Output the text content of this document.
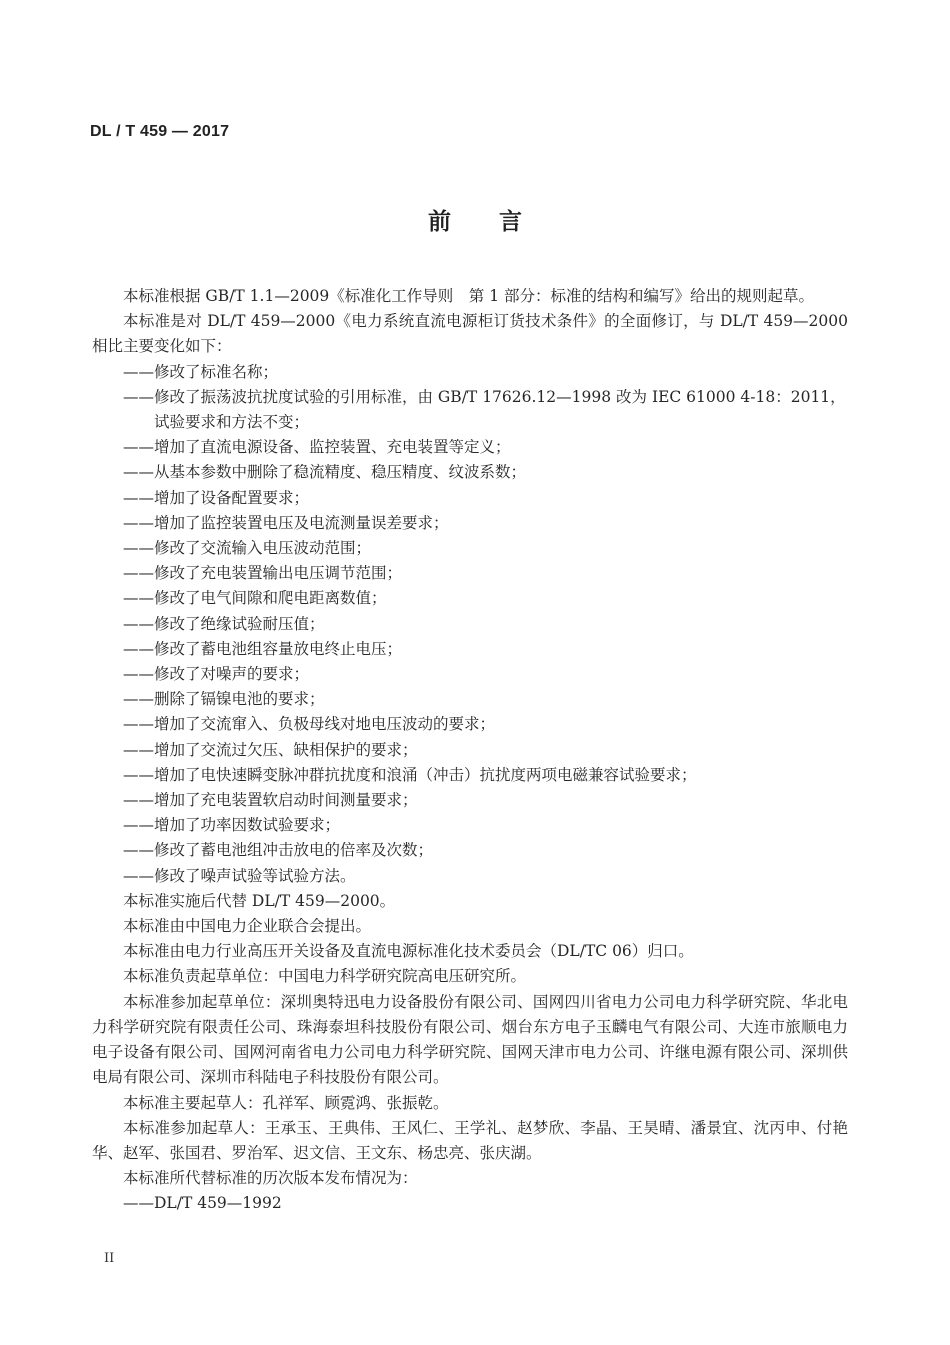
DL / T 459 — 2017
前言

本标准根据 GB/T 1.1—2009《标准化工作导则　第 1 部分：标准的结构和编写》给出的规则起草。

本标准是对 DL/T 459—2000《电力系统直流电源柜订货技术条件》的全面修订，与 DL/T 459—2000 相比主要变化如下：

——修改了标准名称；

——修改了振荡波抗扰度试验的引用标准，由 GB/T 17626.12—1998 改为 IEC 61000 4-18：2011，试验要求和方法不变；

——增加了直流电源设备、监控装置、充电装置等定义；

——从基本参数中删除了稳流精度、稳压精度、纹波系数；

——增加了设备配置要求；

——增加了监控装置电压及电流测量误差要求；

——修改了交流输入电压波动范围；

——修改了充电装置输出电压调节范围；

——修改了电气间隙和爬电距离数值；

——修改了绝缘试验耐压值；

——修改了蓄电池组容量放电终止电压；

——修改了对噪声的要求；

——删除了镉镍电池的要求；

——增加了交流窜入、负极母线对地电压波动的要求；

——增加了交流过欠压、缺相保护的要求；

——增加了电快速瞬变脉冲群抗扰度和浪涌（冲击）抗扰度两项电磁兼容试验要求；

——增加了充电装置软启动时间测量要求；

——增加了功率因数试验要求；

——修改了蓄电池组冲击放电的倍率及次数；

——修改了噪声试验等试验方法。

本标准实施后代替 DL/T 459—2000。

本标准由中国电力企业联合会提出。

本标准由电力行业高压开关设备及直流电源标准化技术委员会（DL/TC 06）归口。

本标准负责起草单位：中国电力科学研究院高电压研究所。

本标准参加起草单位：深圳奥特迅电力设备股份有限公司、国网四川省电力公司电力科学研究院、华北电力科学研究院有限责任公司、珠海泰坦科技股份有限公司、烟台东方电子玉麟电气有限公司、大连市旅顺电力电子设备有限公司、国网河南省电力公司电力科学研究院、国网天津市电力公司、许继电源有限公司、深圳供电局有限公司、深圳市科陆电子科技股份有限公司。

本标准主要起草人：孔祥军、顾霓鸿、张振乾。

本标准参加起草人：王承玉、王典伟、王风仁、王学礼、赵梦欣、李晶、王昊晴、潘景宜、沈丙申、付艳华、赵军、张国君、罗治军、迟文信、王文东、杨忠亮、张庆湖。

本标准所代替标准的历次版本发布情况为：

——DL/T 459—1992

II
